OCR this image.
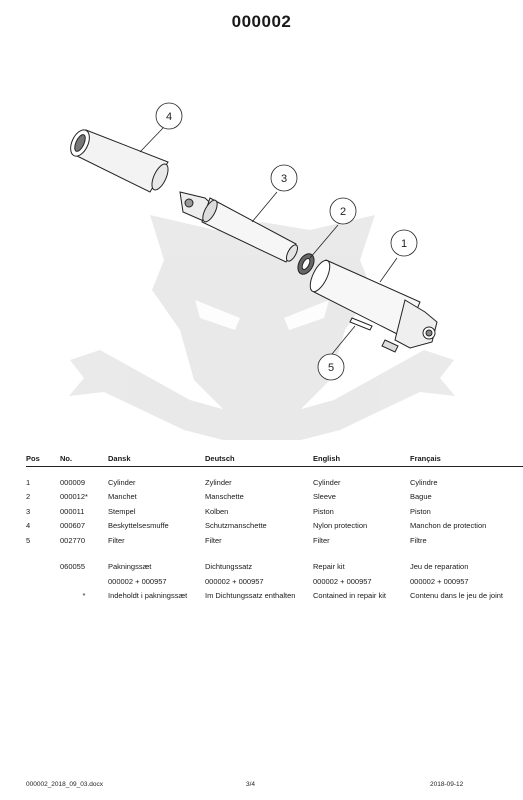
000002
4
3
2
1
5
Pos	No.	Dansk	Deutsch	English	Français
1	000009	Cylinder	Zylinder	Cylinder	Cylindre
2	000012*	Manchet	Manschette	Sleeve	Bague
3	000011	Stempel	Kolben	Piston	Piston
4	000607	Beskyttelsesmuffe	Schutzmanschette	Nylon protection	Manchon de protection
5	002770	Filter	Filter	Filter	Filtre

	060055	Pakningssæt	Dichtungssatz	Repair kit	Jeu de reparation
		000002 + 000957	000002 + 000957	000002 + 000957	000002 + 000957
	*	Indeholdt i pakningssæt	Im Dichtungssatz enthalten	Contained in repair kit	Contenu dans le jeu de joint
000002_2018_09_03.docx	3/4	2018-09-12
